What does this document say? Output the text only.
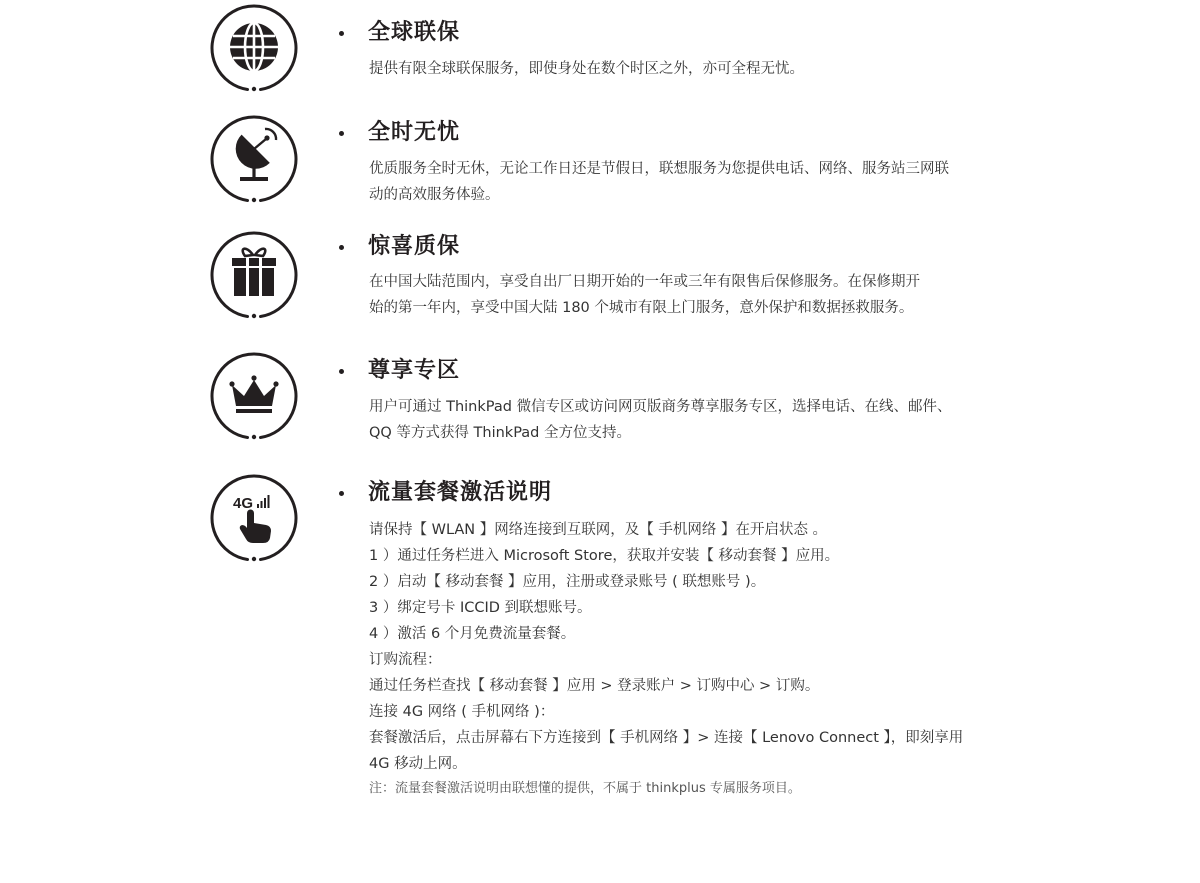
全球联保

提供有限全球联保服务，即使身处在数个时区之外，亦可全程无忧。

全时无忧

优质服务全时无休，无论工作日还是节假日，联想服务为您提供电话、网络、服务站三网联

动的高效服务体验。

惊喜质保

在中国大陆范围内，享受自出厂日期开始的一年或三年有限售后保修服务。在保修期开

始的第一年内，享受中国大陆 180 个城市有限上门服务，意外保护和数据拯救服务。

尊享专区

用户可通过 ThinkPad 微信专区或访问网页版商务尊享服务专区，选择电话、在线、邮件、

QQ 等方式获得 ThinkPad 全方位支持。

4G	流量套餐激活说明

请保持【 WLAN 】网络连接到互联网，及【 手机网络 】在开启状态 。

1 ）通过任务栏进入 Microsoft Store，获取并安装【 移动套餐 】应用。

2 ）启动【 移动套餐 】应用，注册或登录账号 ( 联想账号 )。

3 ）绑定号卡 ICCID 到联想账号。

4 ）激活 6 个月免费流量套餐。

订购流程：

通过任务栏查找【 移动套餐 】应用 > 登录账户 > 订购中心 > 订购。

连接 4G 网络 ( 手机网络 )：

套餐激活后，点击屏幕右下方连接到【 手机网络 】> 连接【 Lenovo Connect 】，即刻享用

4G 移动上网。

注：流量套餐激活说明由联想懂的提供，不属于 thinkplus 专属服务项目。
